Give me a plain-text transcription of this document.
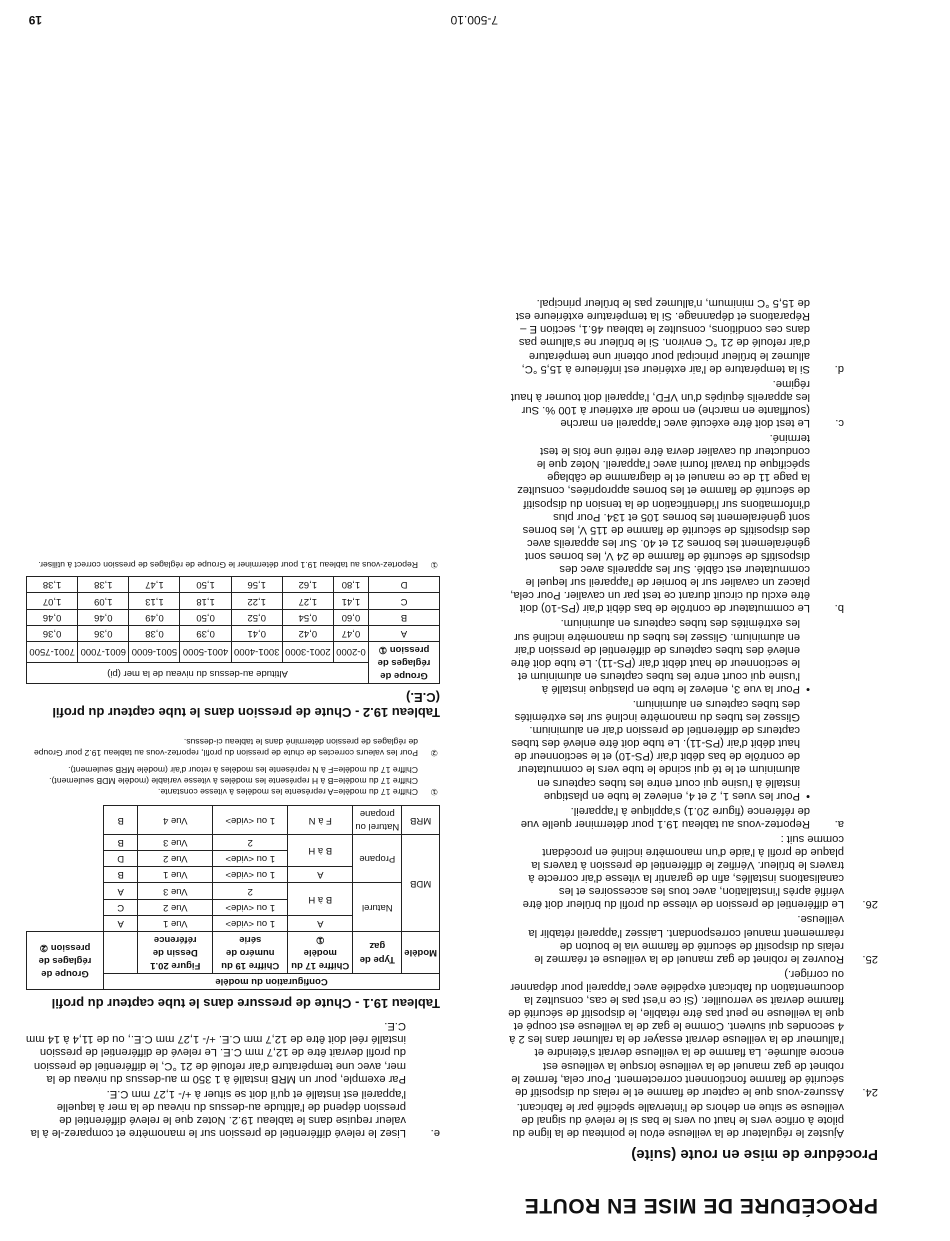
PROCÉDURE DE MISE EN ROUTE
Procédure de mise en route (suite)

Ajustez le régulateur de la veilleuse et/ou le pointeau de la ligne du pilote à orifice vers le haut ou vers le bas si le relevé du signal de veilleuse se situe en dehors de l'intervalle spécifié par le fabricant.

24.

Assurez-vous que le capteur de flamme et le relais du dispositif de sécurité de flamme fonctionnent correctement. Pour cela, fermez le robinet de gaz manuel de la veilleuse lorsque la veilleuse est encore allumée. La flamme de la veilleuse devrait s'éteindre et l'allumeur de la veilleuse devrait essayer de la rallumer dans les 2 à 4 secondes qui suivent. Comme le gaz de la veilleuse est coupé et que la veilleuse ne peut pas être rétablie, le dispositif de sécurité de flamme devrait se verrouiller. (Si ce n'est pas le cas, consultez la documentation du fabricant expédiée avec l'appareil pour dépanner ou corriger.)

25.

Rouvrez le robinet de gaz manuel de la veilleuse et réarmez le relais du dispositif de sécurité de flamme via le bouton de réarmement manuel correspondant. Laissez l'appareil rétablir la veilleuse.

26.

Le différentiel de pression de vitesse du profil du brûleur doit être vérifié après l'installation, avec tous les accessoires et les canalisations installés, afin de garantir la vitesse d'air correcte à travers le brûleur. Vérifiez le différentiel de pression à travers la plaque de profil à l'aide d'un manomètre incliné en procédant comme suit :

a.

Reportez-vous au tableau 19.1 pour déterminer quelle vue de référence (figure 20.1) s'applique à l'appareil.

•

Pour les vues 1, 2 et 4, enlevez le tube en plastique installé à l'usine qui court entre les tubes capteurs en aluminium et le té qui scinde le tube vers le commutateur de contrôle de bas débit d'air (PS-10) et le sectionneur de haut débit d'air (PS-11). Le tube doit être enlevé des tubes capteurs de différentiel de pression d'air en aluminium. Glissez les tubes du manomètre incliné sur les extrémités des tubes capteurs en aluminium.

•

Pour la vue 3, enlevez le tube en plastique installé à l'usine qui court entre les tubes capteurs en aluminium et le sectionneur de haut débit d'air (PS-11). Le tube doit être enlevé des tubes capteurs de différentiel de pression d'air en aluminium. Glissez les tubes du manomètre incliné sur les extrémités des tubes capteurs en aluminium.

b.

Le commutateur de contrôle de bas débit d'air (PS-10) doit être exclu du circuit durant ce test par un cavalier. Pour cela, placez un cavalier sur le bornier de l'appareil sur lequel le commutateur est câblé. Sur les appareils avec des dispositifs de sécurité de flamme de 24 V, les bornes sont généralement les bornes 21 et 40. Sur les appareils avec des dispositifs de sécurité de flamme de 115 V, les bornes sont généralement les bornes 105 et 134. Pour plus d'informations sur l'identification de la tension du dispositif de sécurité de flamme et les bornes appropriées, consultez la page 11 de ce manuel et le diagramme de câblage spécifique du travail fourni avec l'appareil. Notez que le conducteur du cavalier devra être retiré une fois le test terminé.

c.

Le test doit être exécuté avec l'appareil en marche (soufflante en marche) en mode air extérieur à 100 %. Sur les appareils équipés d'un VFD, l'appareil doit tourner à haut régime.

d.

Si la température de l'air extérieur est inférieure à 15,5 °C, allumez le brûleur principal pour obtenir une température d'air refoulé de 21 °C environ. Si le brûleur ne s'allume pas dans ces conditions, consultez le tableau 46.1, section E – Réparations et dépannage. Si la température extérieure est de 15,5 °C minimum, n'allumez pas le brûleur principal.

e.

Lisez le relevé différentiel de pression sur le manomètre et comparez-le à la valeur requise dans le tableau 19.2. Notez que le relevé différentiel de pression dépend de l'altitude au-dessus du niveau de la mer à laquelle l'appareil est installé et qu'il doit se situer à +/- 1,27 mm C.E.

Par exemple, pour un MRB installé à 1 350 m au-dessus du niveau de la mer, avec une température d'air refoulé de 21 °C, le différentiel de pression du profil devrait être de 12,7 mm C.E. Le relevé de différentiel de pression installé réel doit être de 12,7 mm C.E. +/- 1,27 mm C.E., ou de 11,4 à 14 mm C.E.

Tableau 19.1 - Chute de pressure dans le tube capteur du profil
Configuration du modèle						Groupe de réglages de pression ②
Modèle	Type de gaz	Chiffre 17 du modèle
①	Chiffre 19 du numéro de série	Figure 20.1 Dessin de référence		
MDB	Naturel	A	1 ou <vide>	Vue 1	A	
		B à H	1 ou <vide>	Vue 2	C	
			2	Vue 3	A	
	Propane	A	1 ou <vide>	Vue 1	B	
		B à H	1 ou <vide>	Vue 2	D	
			2	Vue 3	B	
MRB	Naturel ou propane	F à N	1 ou <vide>	Vue 4	B	
①
Chiffre 17 du modèle=A représente les modèles à vitesse constante.
Chiffre 17 du modèle=B à H représente les modèles à vitesse variable (modèle MDB seulement).
Chiffre 17 du modèle=F à N représente les modèles à retour d'air (modèle MRB seulement).
②
Pour les valeurs correctes de chute de pression du profil, reportez-vous au tableau 19.2 pour Groupe de réglages de pression déterminé dans le tableau ci-dessus.
Tableau 19.2 - Chute de pression dans le tube capteur du profil (C.E.)
Groupe de réglages de pression ①	Altitude au-dessus du niveau de la mer (pi)						
	0-2000	2001-3000	3001-4000	4001-5000	5001-6000	6001-7000	7001-7500
A	0,47	0,42	0,41	0,39	0,38	0,36	0,36
B	0,60	0,54	0,52	0,50	0,49	0,46	0,46
C	1,41	1,27	1,22	1,18	1,13	1,09	1,07
D	1,80	1,62	1,56	1,50	1,47	1,38	1,38
①
Reportez-vous au tableau 19.1 pour déterminer le Groupe de réglages de pression correct à utiliser.
7-500.10
19
